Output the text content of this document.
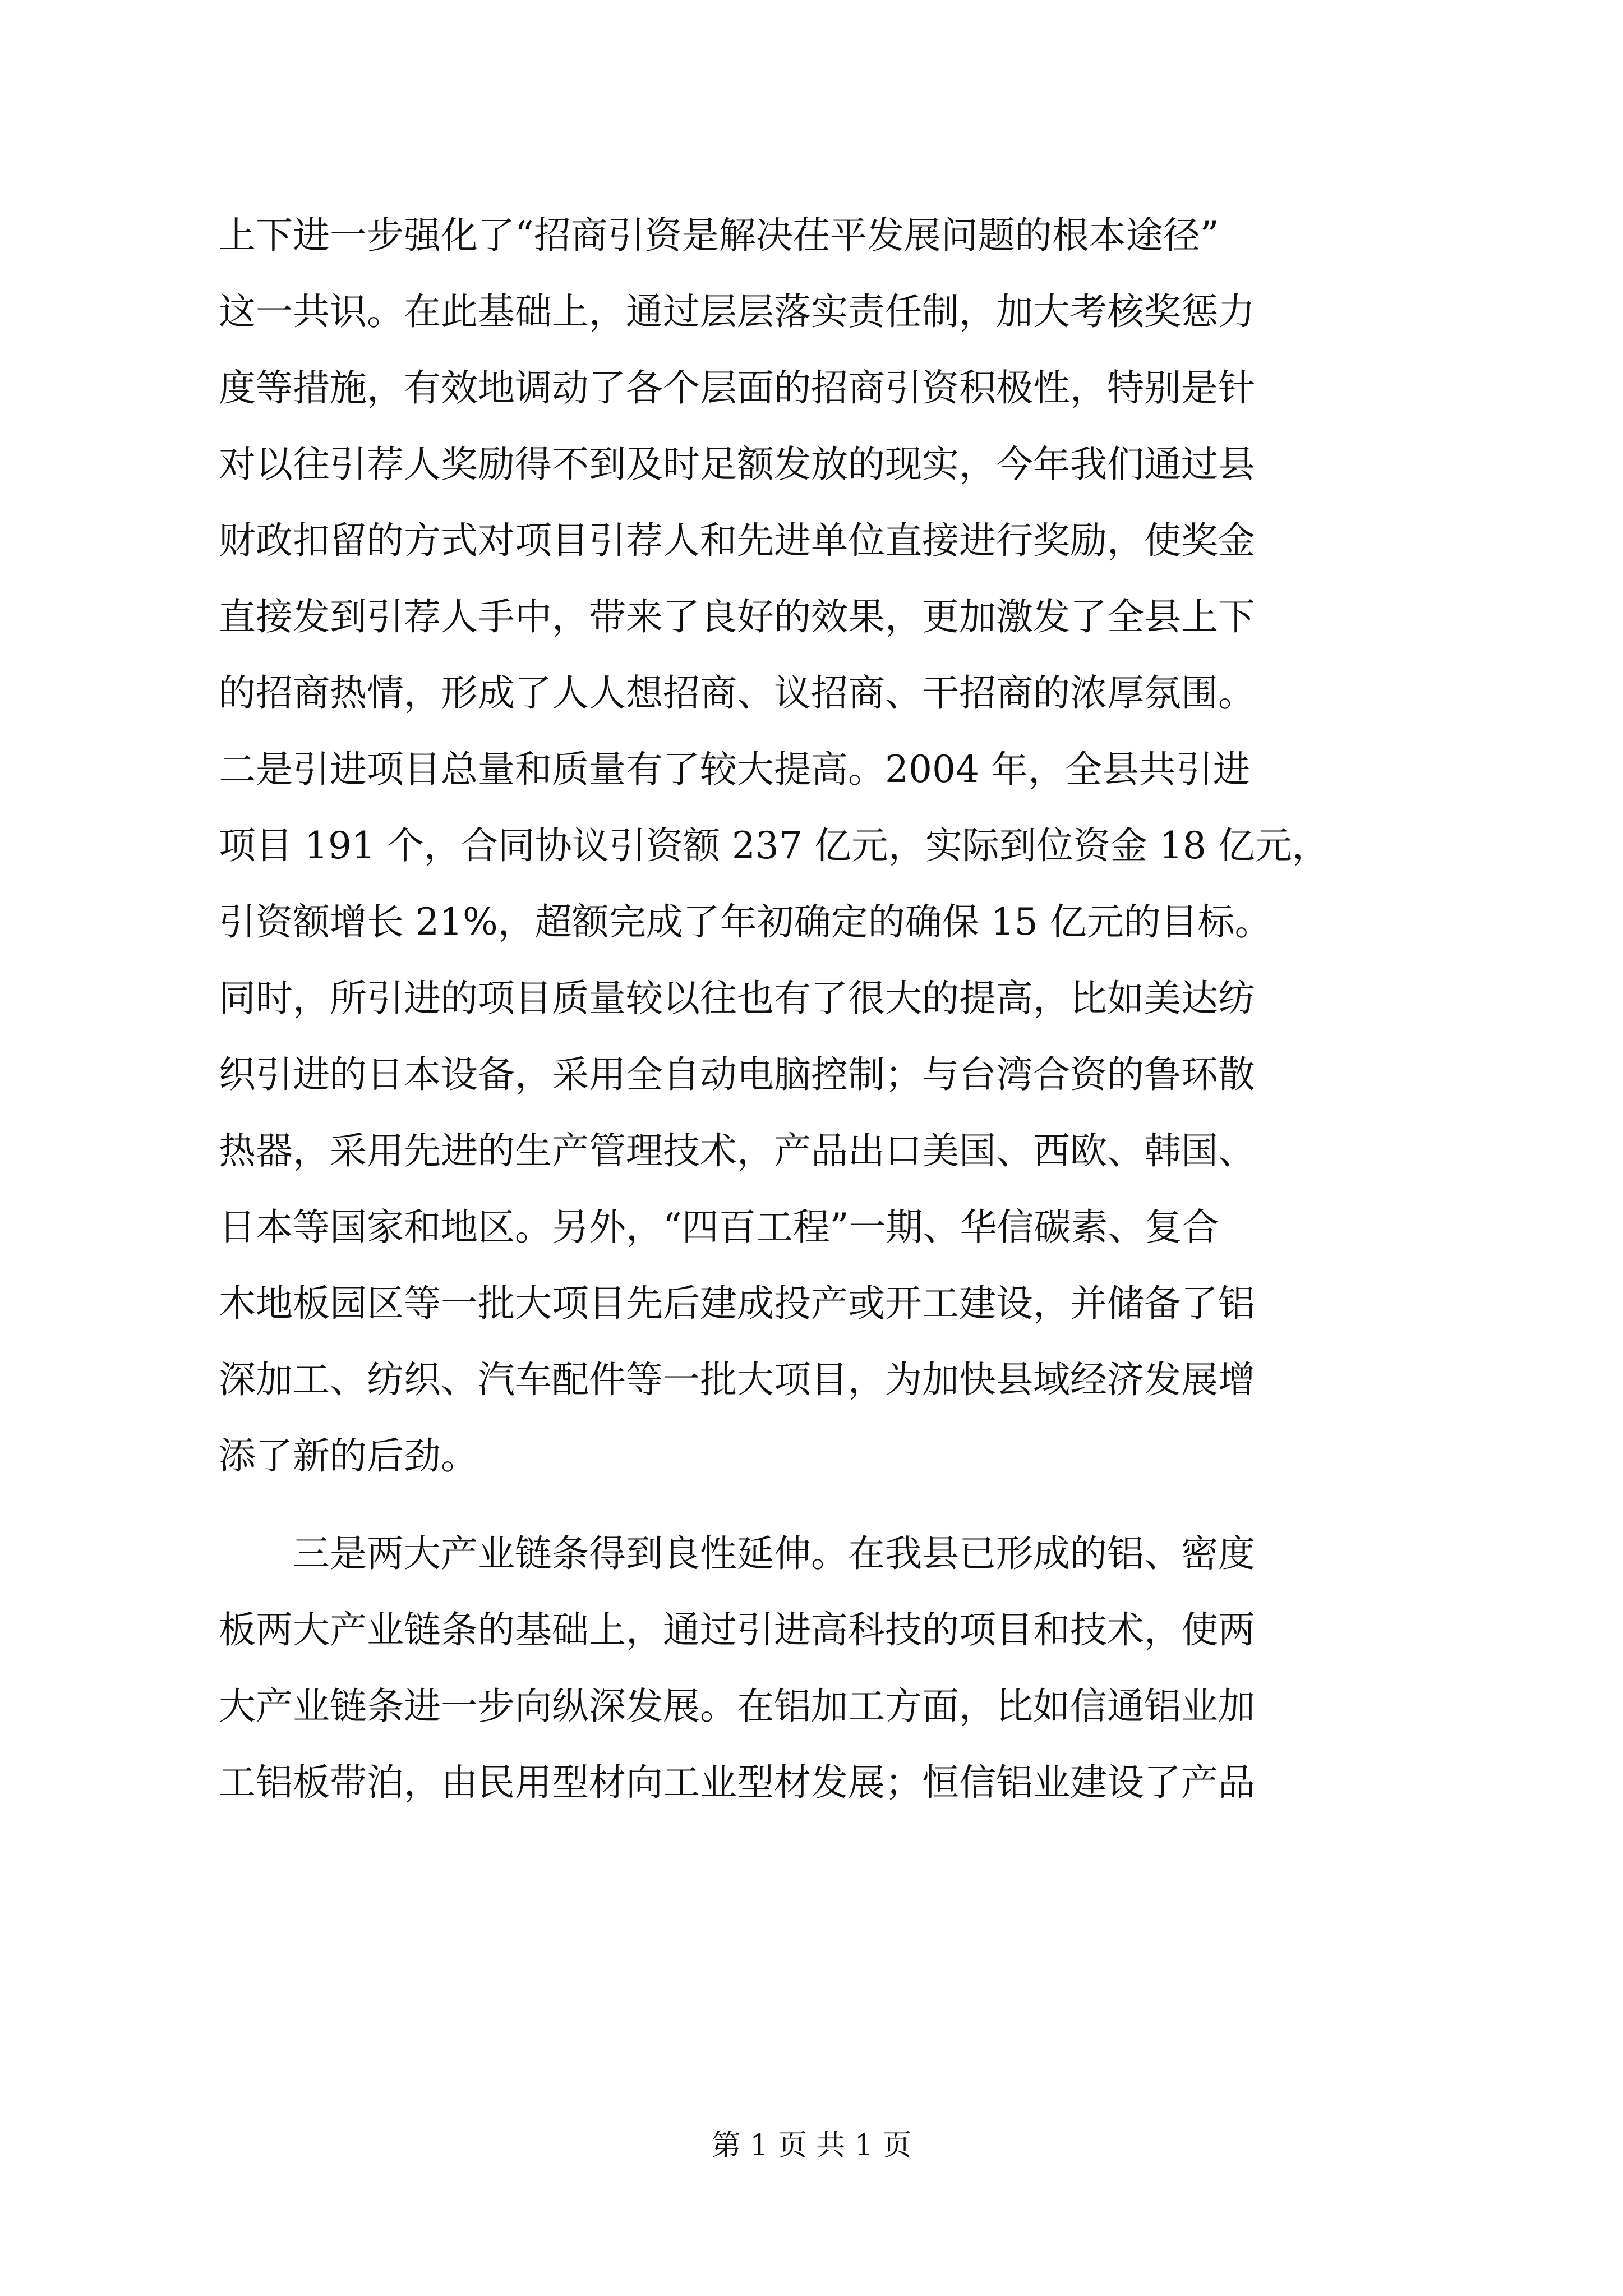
上下进一步强化了“招商引资是解决茌平发展问题的根本途径”
这一共识。在此基础上，通过层层落实责任制，加大考核奖惩力
度等措施，有效地调动了各个层面的招商引资积极性，特别是针
对以往引荐人奖励得不到及时足额发放的现实，今年我们通过县
财政扣留的方式对项目引荐人和先进单位直接进行奖励，使奖金
直接发到引荐人手中，带来了良好的效果，更加激发了全县上下
的招商热情，形成了人人想招商、议招商、干招商的浓厚氛围。
二是引进项目总量和质量有了较大提高。2004 年，全县共引进
项目 191 个，合同协议引资额 237 亿元，实际到位资金 18 亿元，
引资额增长 21%，超额完成了年初确定的确保 15 亿元的目标。
同时，所引进的项目质量较以往也有了很大的提高，比如美达纺
织引进的日本设备，采用全自动电脑控制；与台湾合资的鲁环散
热器，采用先进的生产管理技术，产品出口美国、西欧、韩国、
日本等国家和地区。另外，“四百工程”一期、华信碳素、复合
木地板园区等一批大项目先后建成投产或开工建设，并储备了铝
深加工、纺织、汽车配件等一批大项目，为加快县域经济发展增
添了新的后劲。
三是两大产业链条得到良性延伸。在我县已形成的铝、密度
板两大产业链条的基础上，通过引进高科技的项目和技术，使两
大产业链条进一步向纵深发展。在铝加工方面，比如信通铝业加
工铝板带泊，由民用型材向工业型材发展；恒信铝业建设了产品
第 1 页 共 1 页
